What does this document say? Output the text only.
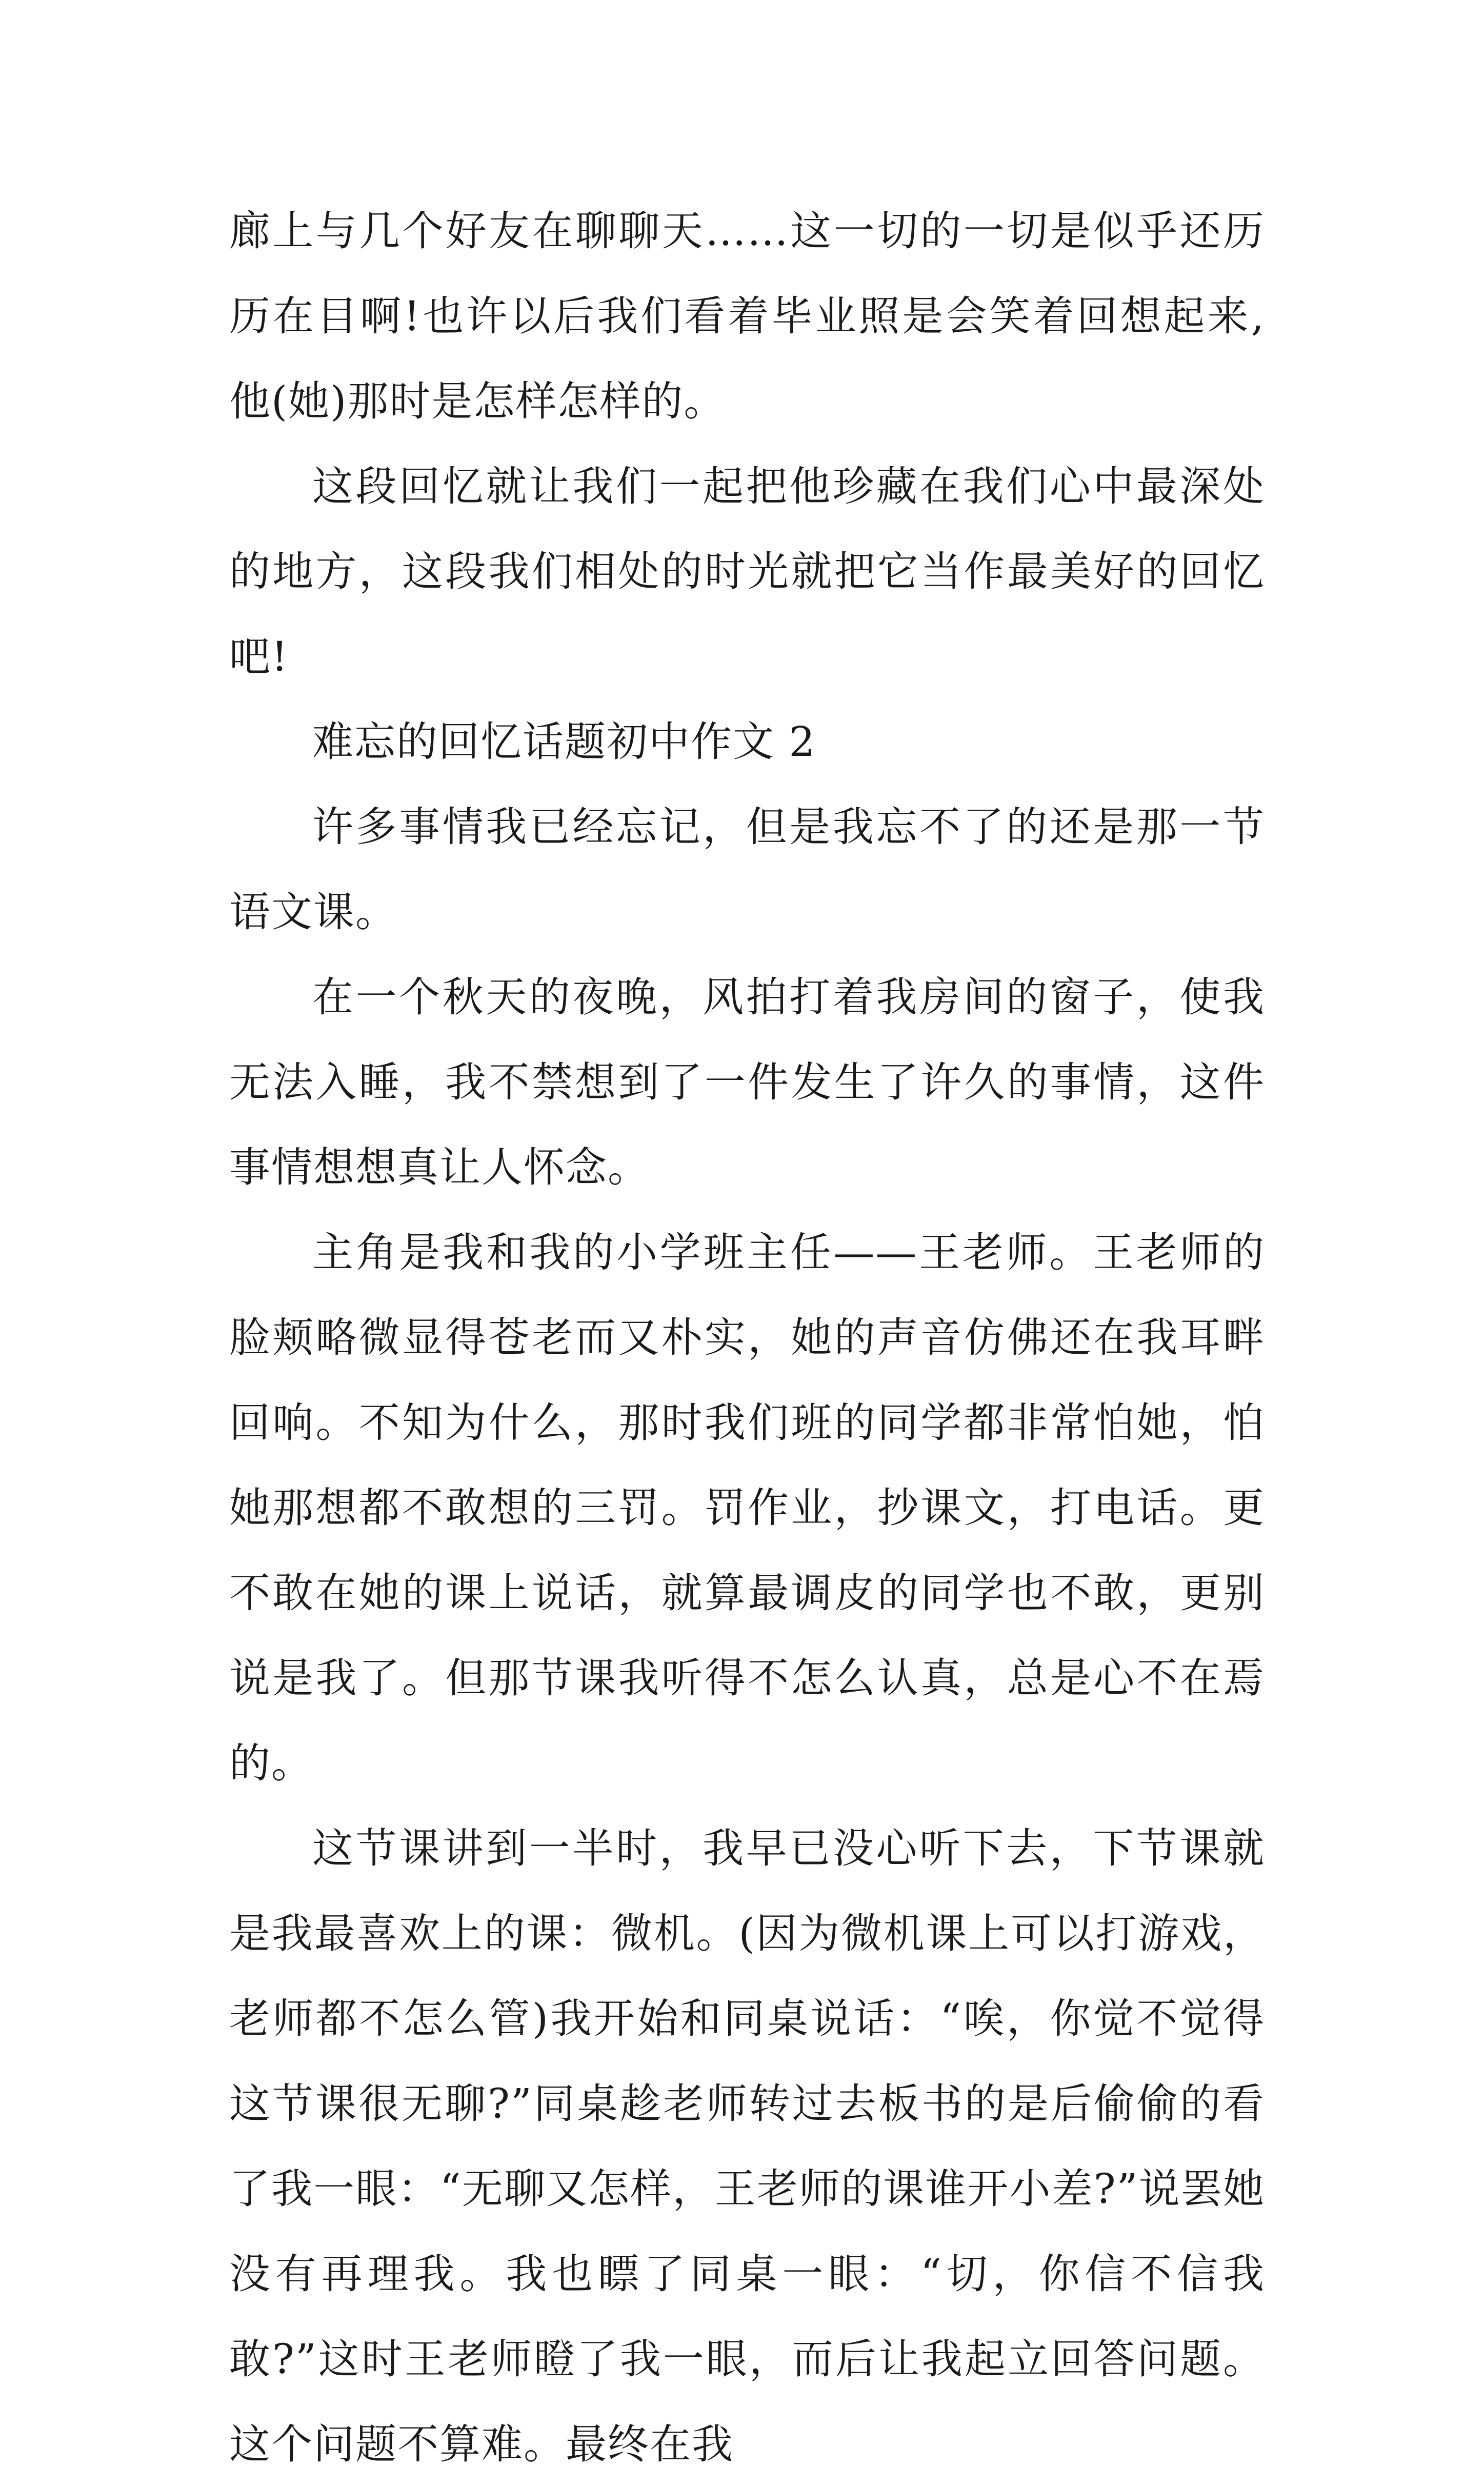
廊上与几个好友在聊聊天……这一切的一切是似乎还历历在目啊!也许以后我们看着毕业照是会笑着回想起来,他(她)那时是怎样怎样的。

这段回忆就让我们一起把他珍藏在我们心中最深处的地方，这段我们相处的时光就把它当作最美好的回忆吧!

难忘的回忆话题初中作文 2

许多事情我已经忘记，但是我忘不了的还是那一节语文课。

在一个秋天的夜晚，风拍打着我房间的窗子，使我无法入睡，我不禁想到了一件发生了许久的事情，这件事情想想真让人怀念。

主角是我和我的小学班主任——王老师。王老师的脸颊略微显得苍老而又朴实，她的声音仿佛还在我耳畔回响。不知为什么，那时我们班的同学都非常怕她，怕她那想都不敢想的三罚。罚作业，抄课文，打电话。更不敢在她的课上说话，就算最调皮的同学也不敢，更别说是我了。但那节课我听得不怎么认真，总是心不在焉的。

这节课讲到一半时，我早已没心听下去，下节课就是我最喜欢上的课：微机。(因为微机课上可以打游戏，老师都不怎么管)我开始和同桌说话：“唉，你觉不觉得这节课很无聊?”同桌趁老师转过去板书的是后偷偷的看了我一眼：“无聊又怎样，王老师的课谁开小差?”说罢她没有再理我。我也瞟了同桌一眼：“切，你信不信我敢?”这时王老师瞪了我一眼，而后让我起立回答问题。这个问题不算难。最终在我
